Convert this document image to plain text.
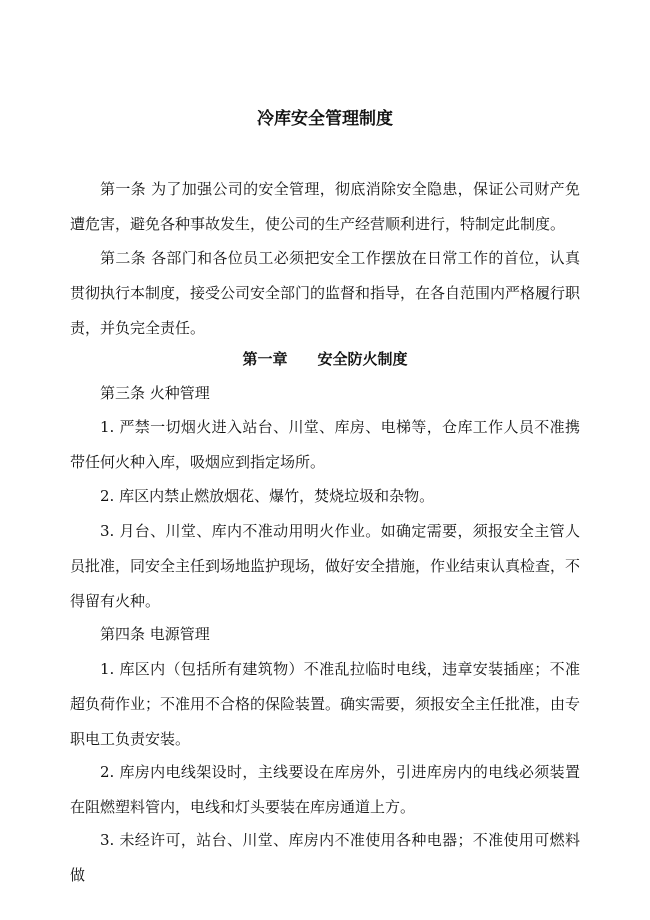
冷库安全管理制度
第一条 为了加强公司的安全管理，彻底消除安全隐患，保证公司财产免遭危害，避免各种事故发生，使公司的生产经营顺利进行，特制定此制度。
第二条 各部门和各位员工必须把安全工作摆放在日常工作的首位，认真贯彻执行本制度，接受公司安全部门的监督和指导，在各自范围内严格履行职责，并负完全责任。
第一章　　安全防火制度
第三条 火种管理
1. 严禁一切烟火进入站台、川堂、库房、电梯等，仓库工作人员不准携带任何火种入库，吸烟应到指定场所。
2. 库区内禁止燃放烟花、爆竹，焚烧垃圾和杂物。
3. 月台、川堂、库内不准动用明火作业。如确定需要，须报安全主管人员批准，同安全主任到场地监护现场，做好安全措施，作业结束认真检查，不得留有火种。
第四条 电源管理
1. 库区内（包括所有建筑物）不准乱拉临时电线，违章安装插座；不准超负荷作业；不准用不合格的保险装置。确实需要，须报安全主任批准，由专职电工负责安装。
2. 库房内电线架设时，主线要设在库房外，引进库房内的电线必须装置在阻燃塑料管内，电线和灯头要装在库房通道上方。
3. 未经许可，站台、川堂、库房内不准使用各种电器；不准使用可燃料做
